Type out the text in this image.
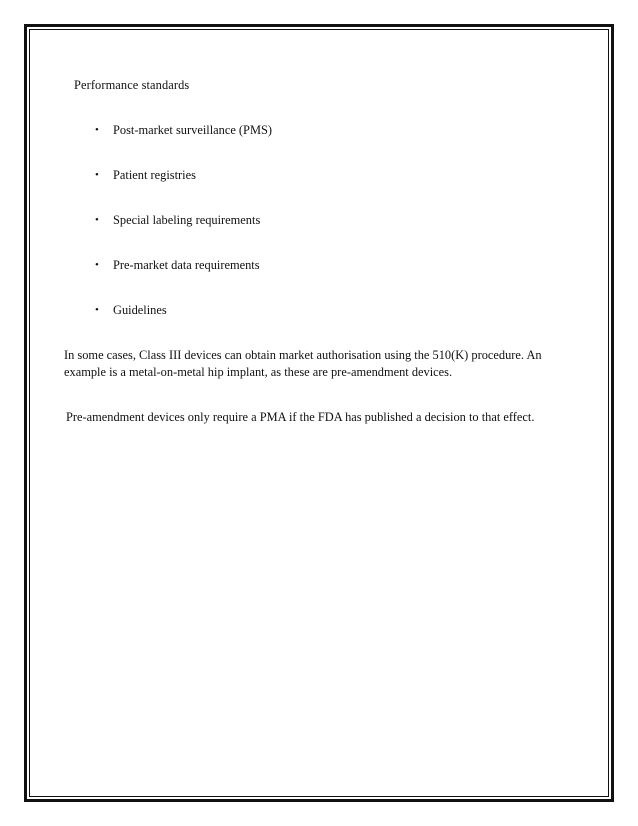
Performance standards

• Post-market surveillance (PMS)
• Patient registries
• Special labeling requirements
• Pre-market data requirements
• Guidelines

In some cases, Class III devices can obtain market authorisation using the 510(K) procedure. An example is a metal-on-metal hip implant, as these are pre-amendment devices.

Pre-amendment devices only require a PMA if the FDA has published a decision to that effect.
